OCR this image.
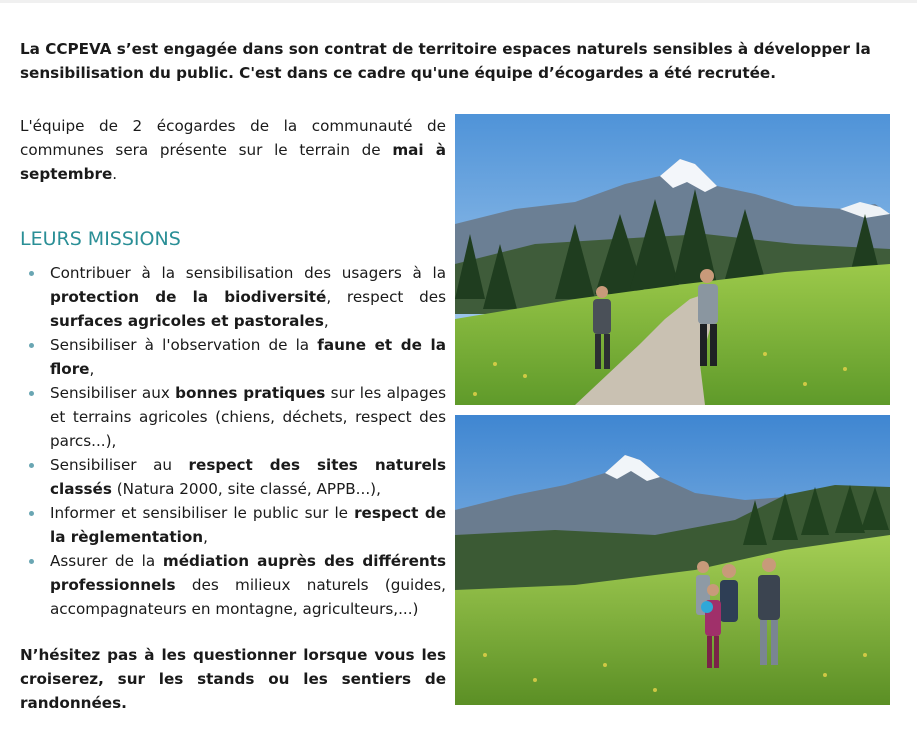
La CCPEVA s’est engagée dans son contrat de territoire espaces naturels sensibles à développer la
sensibilisation du public. C'est dans ce cadre qu'une équipe d’écogardes a été recrutée.

L'équipe de 2 écogardes de la communauté de communes sera présente sur le terrain de mai à septembre.

LEURS MISSIONS
Contribuer à la sensibilisation des usagers à la protection de la biodiversité, respect des surfaces agricoles et pastorales,
Sensibiliser à l'observation de la faune et de la flore,
Sensibiliser aux bonnes pratiques sur les alpages et terrains agricoles (chiens, déchets, respect des parcs...),
Sensibiliser au respect des sites naturels classés (Natura 2000, site classé, APPB...),
Informer et sensibiliser le public sur le respect de la règlementation,
Assurer de la médiation auprès des différents professionnels des milieux naturels (guides, accompagnateurs en montagne, agriculteurs,...)

N’hésitez pas à les questionner lorsque vous les croiserez, sur les stands ou les sentiers de randonnées.
